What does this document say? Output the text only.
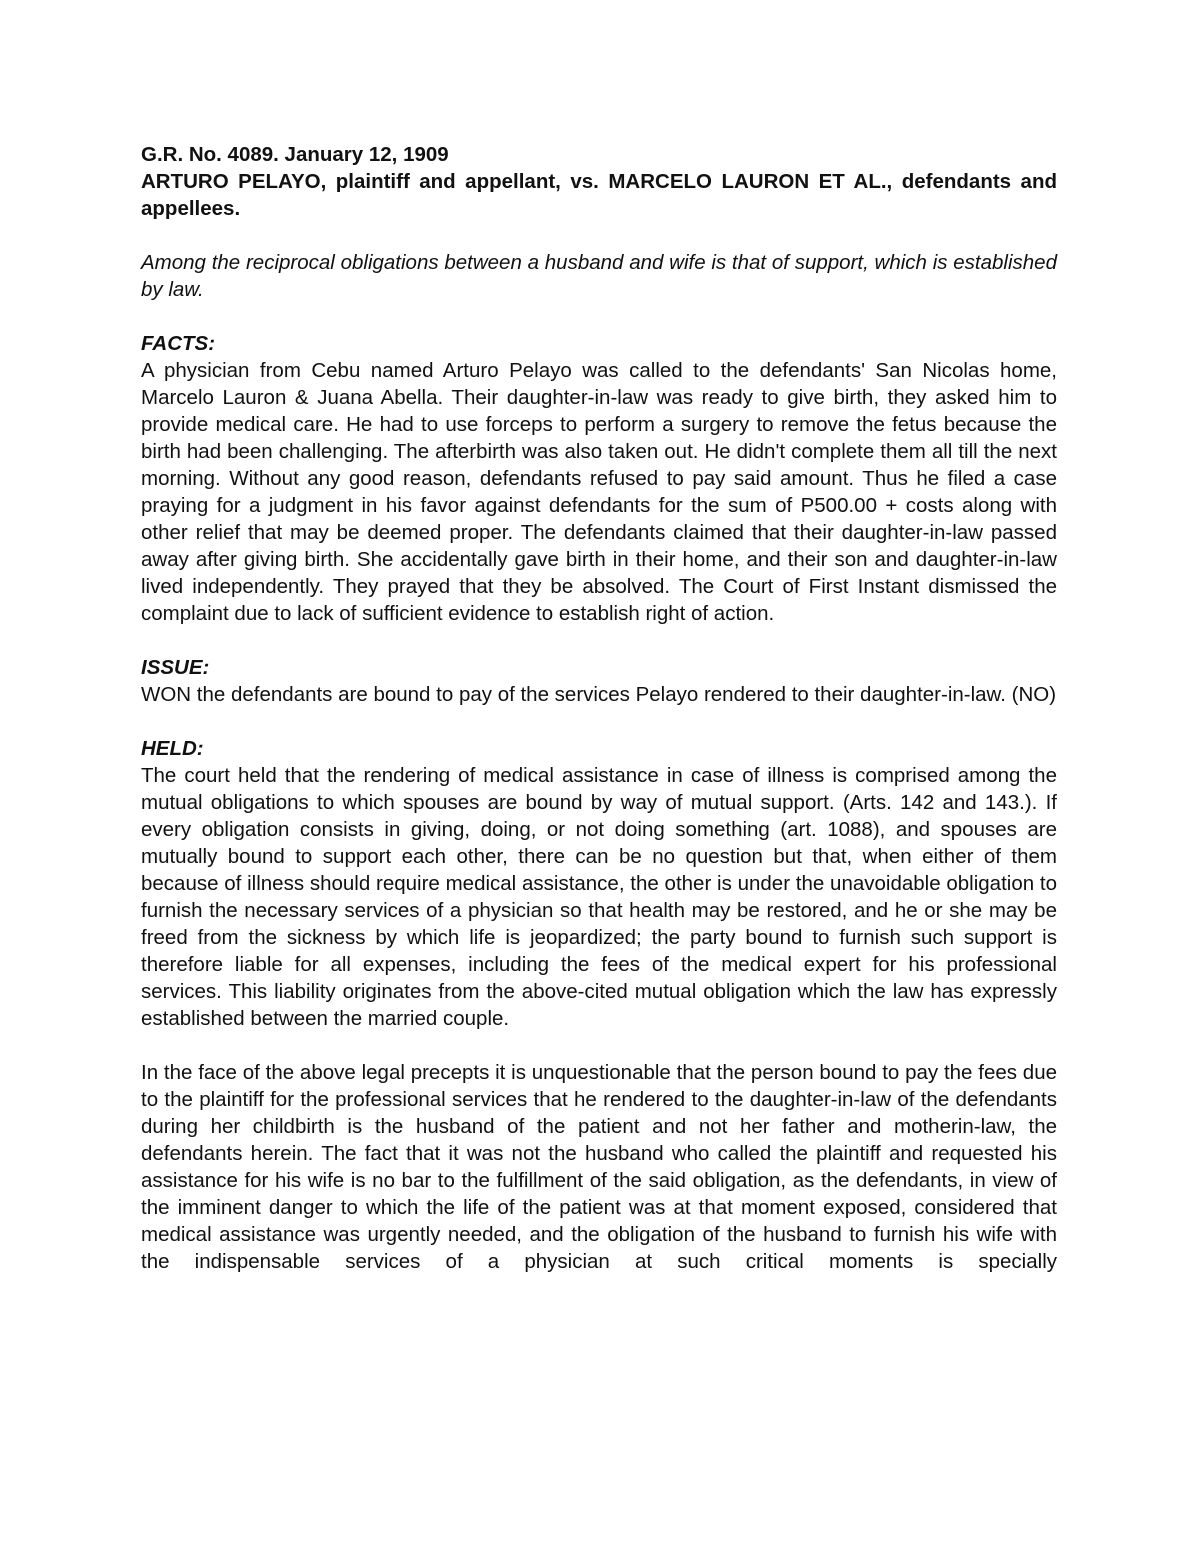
G.R. No. 4089. January 12, 1909
ARTURO PELAYO, plaintiff and appellant, vs. MARCELO LAURON ET AL., defendants and appellees.
Among the reciprocal obligations between a husband and wife is that of support, which is established by law.
FACTS:
A physician from Cebu named Arturo Pelayo was called to the defendants' San Nicolas home, Marcelo Lauron & Juana Abella. Their daughter-in-law was ready to give birth, they asked him to provide medical care. He had to use forceps to perform a surgery to remove the fetus because the birth had been challenging. The afterbirth was also taken out. He didn't complete them all till the next morning. Without any good reason, defendants refused to pay said amount. Thus he filed a case praying for a judgment in his favor against defendants for the sum of P500.00 + costs along with other relief that may be deemed proper. The defendants claimed that their daughter-in-law passed away after giving birth. She accidentally gave birth in their home, and their son and daughter-in-law lived independently. They prayed that they be absolved. The Court of First Instant dismissed the complaint due to lack of sufficient evidence to establish right of action.
ISSUE:
WON the defendants are bound to pay of the services Pelayo rendered to their daughter-in-law. (NO)
HELD:
The court held that the rendering of medical assistance in case of illness is comprised among the mutual obligations to which spouses are bound by way of mutual support. (Arts. 142 and 143.). If every obligation consists in giving, doing, or not doing something (art. 1088), and spouses are mutually bound to support each other, there can be no question but that, when either of them because of illness should require medical assistance, the other is under the unavoidable obligation to furnish the necessary services of a physician so that health may be restored, and he or she may be freed from the sickness by which life is jeopardized; the party bound to furnish such support is therefore liable for all expenses, including the fees of the medical expert for his professional services. This liability originates from the above-cited mutual obligation which the law has expressly established between the married couple.
In the face of the above legal precepts it is unquestionable that the person bound to pay the fees due to the plaintiff for the professional services that he rendered to the daughter-in-law of the defendants during her childbirth is the husband of the patient and not her father and motherin-law, the defendants herein. The fact that it was not the husband who called the plaintiff and requested his assistance for his wife is no bar to the fulfillment of the said obligation, as the defendants, in view of the imminent danger to which the life of the patient was at that moment exposed, considered that medical assistance was urgently needed, and the obligation of the husband to furnish his wife with the indispensable services of a physician at such critical moments is specially
